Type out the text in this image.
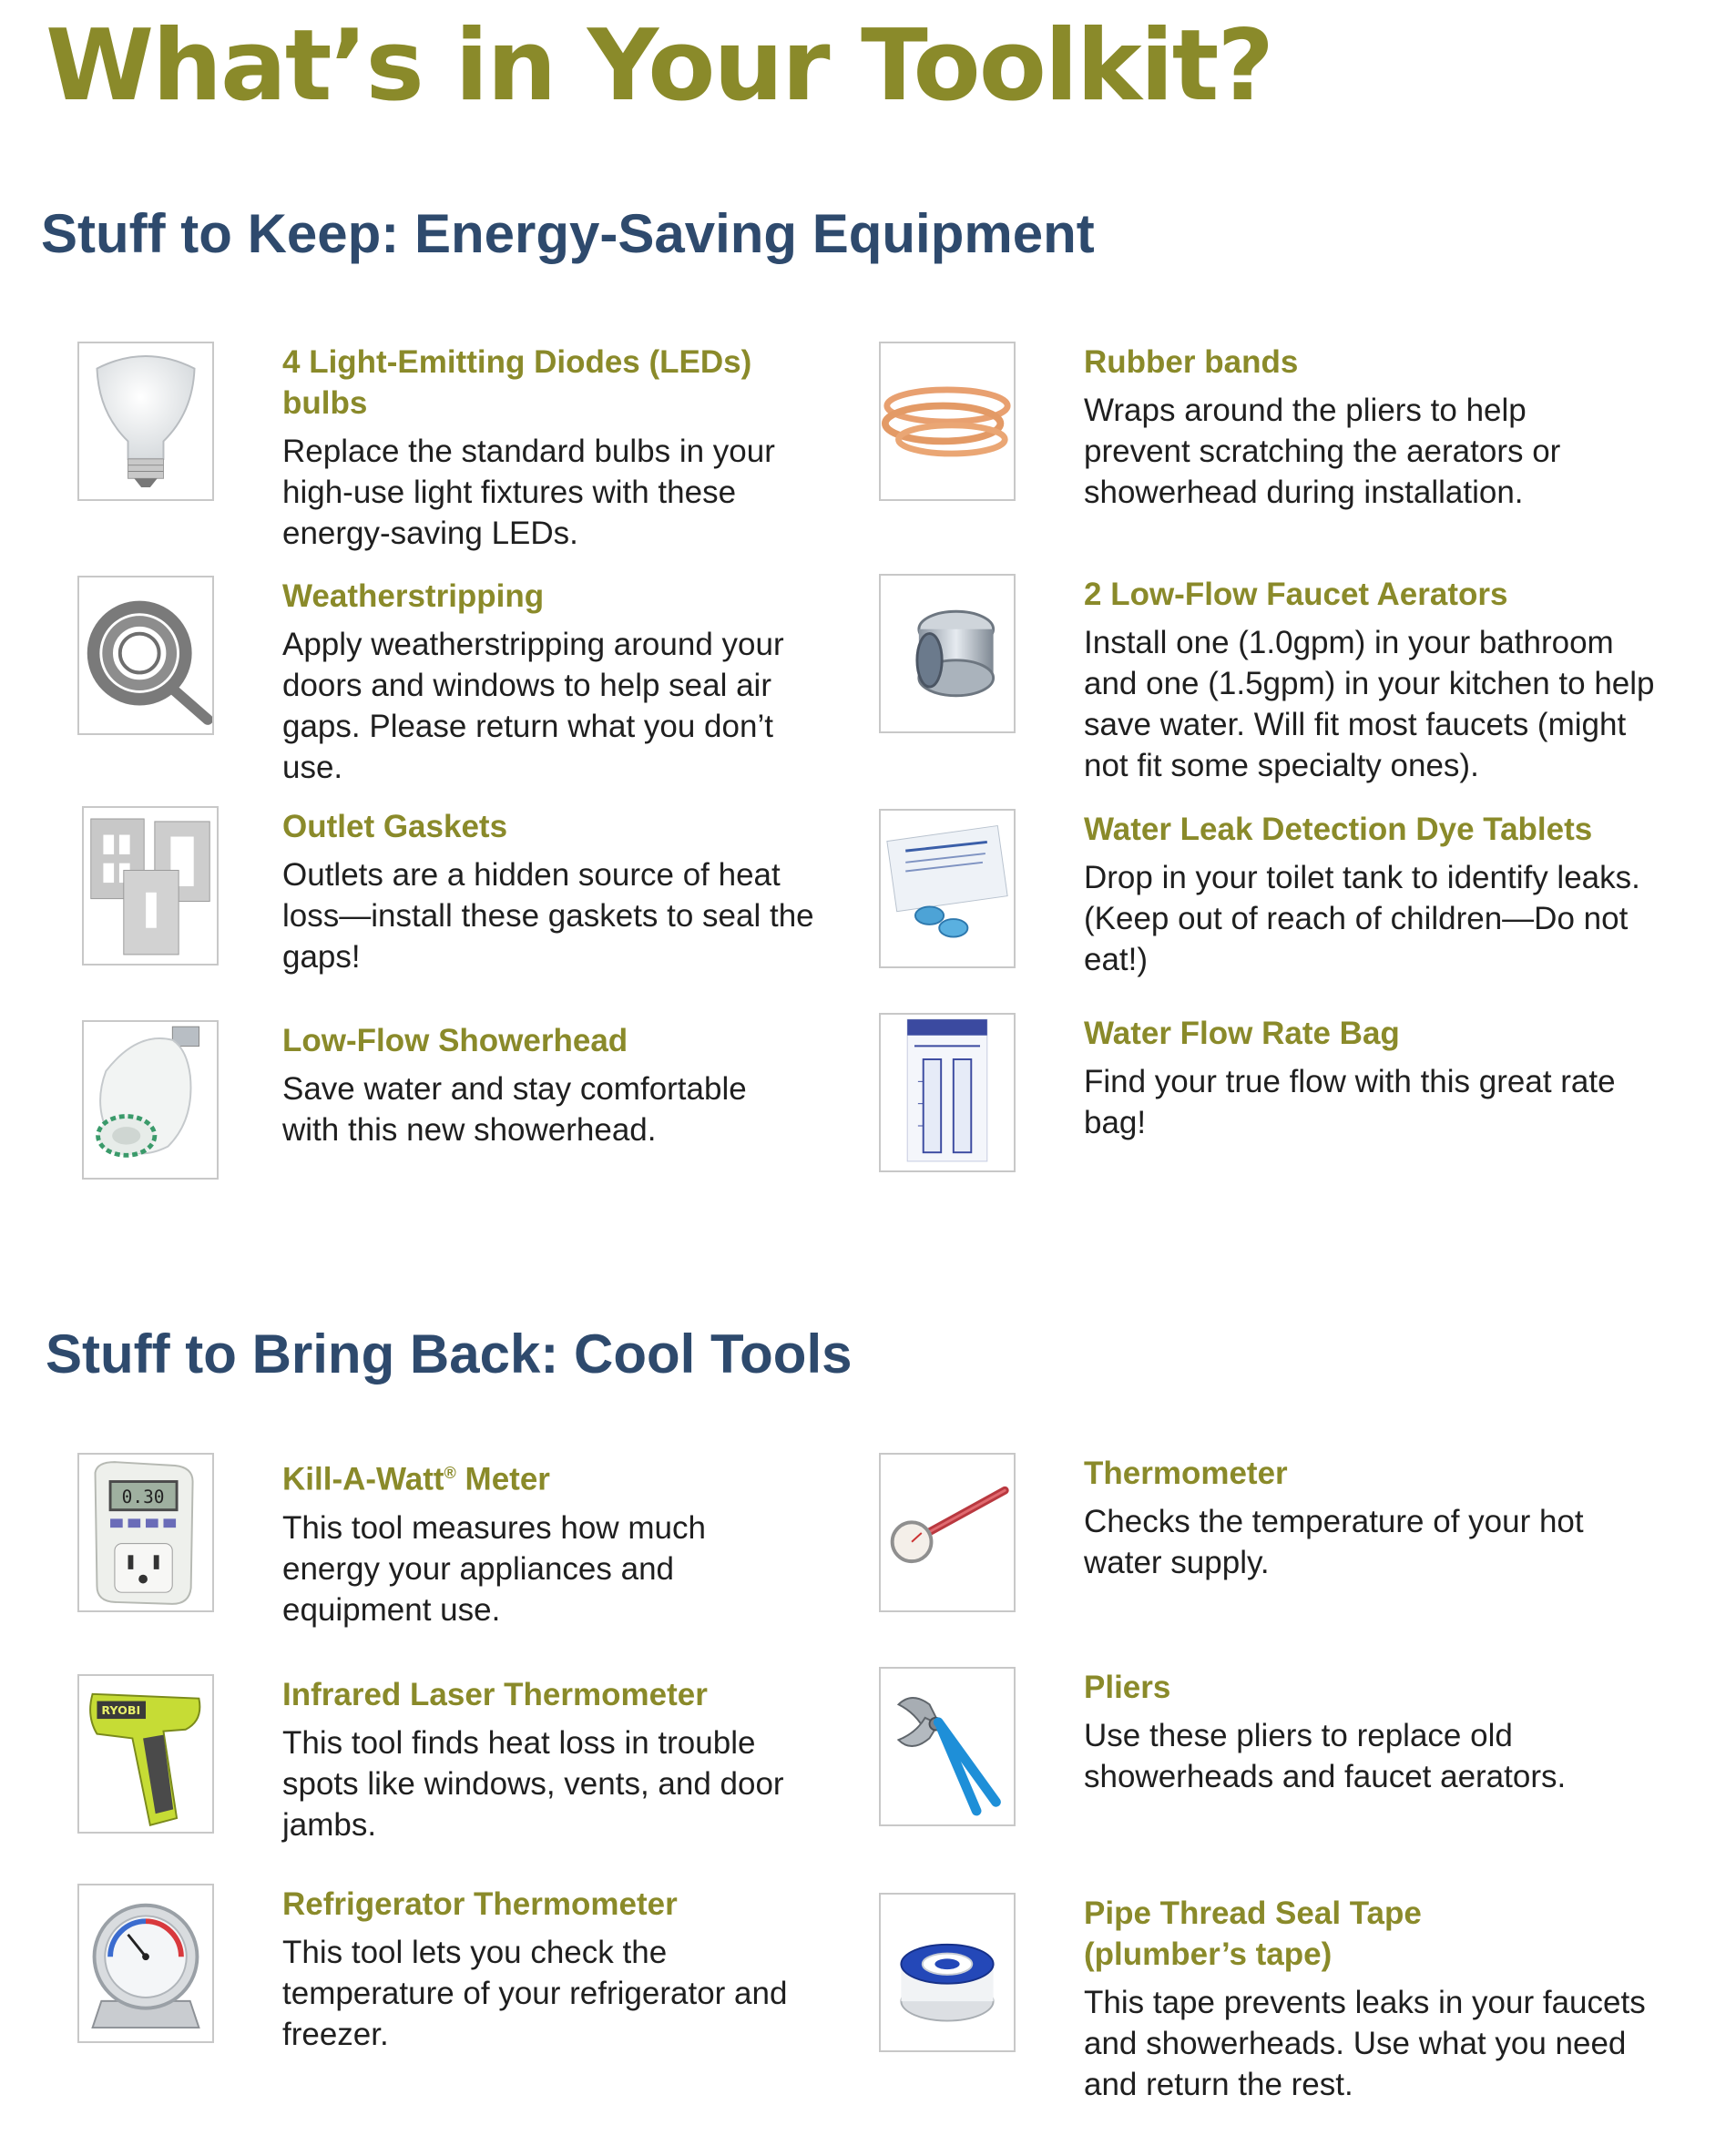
What’s in Your Toolkit?
Stuff to Keep: Energy-Saving Equipment

4 Light-Emitting Diodes (LEDs) bulbs

Replace the standard bulbs in your high-use light fixtures with these energy-saving LEDs.

Rubber bands

Wraps around the pliers to help prevent scratching the aerators or showerhead during installation.

Weatherstripping

Apply weatherstripping around your doors and windows to help seal air gaps. Please return what you don’t use.

2 Low-Flow Faucet Aerators

Install one (1.0gpm) in your bathroom and one (1.5gpm) in your kitchen to help save water. Will fit most faucets (might not fit some specialty ones).

Outlet Gaskets

Outlets are a hidden source of heat loss—install these gaskets to seal the gaps!

Water Leak Detection Dye Tablets

Drop in your toilet tank to identify leaks. (Keep out of reach of children—Do not eat!)

Low-Flow Showerhead

Save water and stay comfortable with this new showerhead.

Water Flow Rate Bag

Find your true flow with this great rate bag!

Stuff to Bring Back: Cool Tools
0.30	Kill-A-Watt® Meter

This tool measures how much energy your appliances and equipment use.

Thermometer

Checks the temperature of your hot water supply.

RYOBI	Infrared Laser Thermometer

This tool finds heat loss in trouble spots like windows, vents, and door jambs.

Pliers

Use these pliers to replace old showerheads and faucet aerators.

Refrigerator Thermometer

This tool lets you check the temperature of your refrigerator and freezer.

Pipe Thread Seal Tape (plumber’s tape)

This tape prevents leaks in your faucets and showerheads. Use what you need and return the rest.
